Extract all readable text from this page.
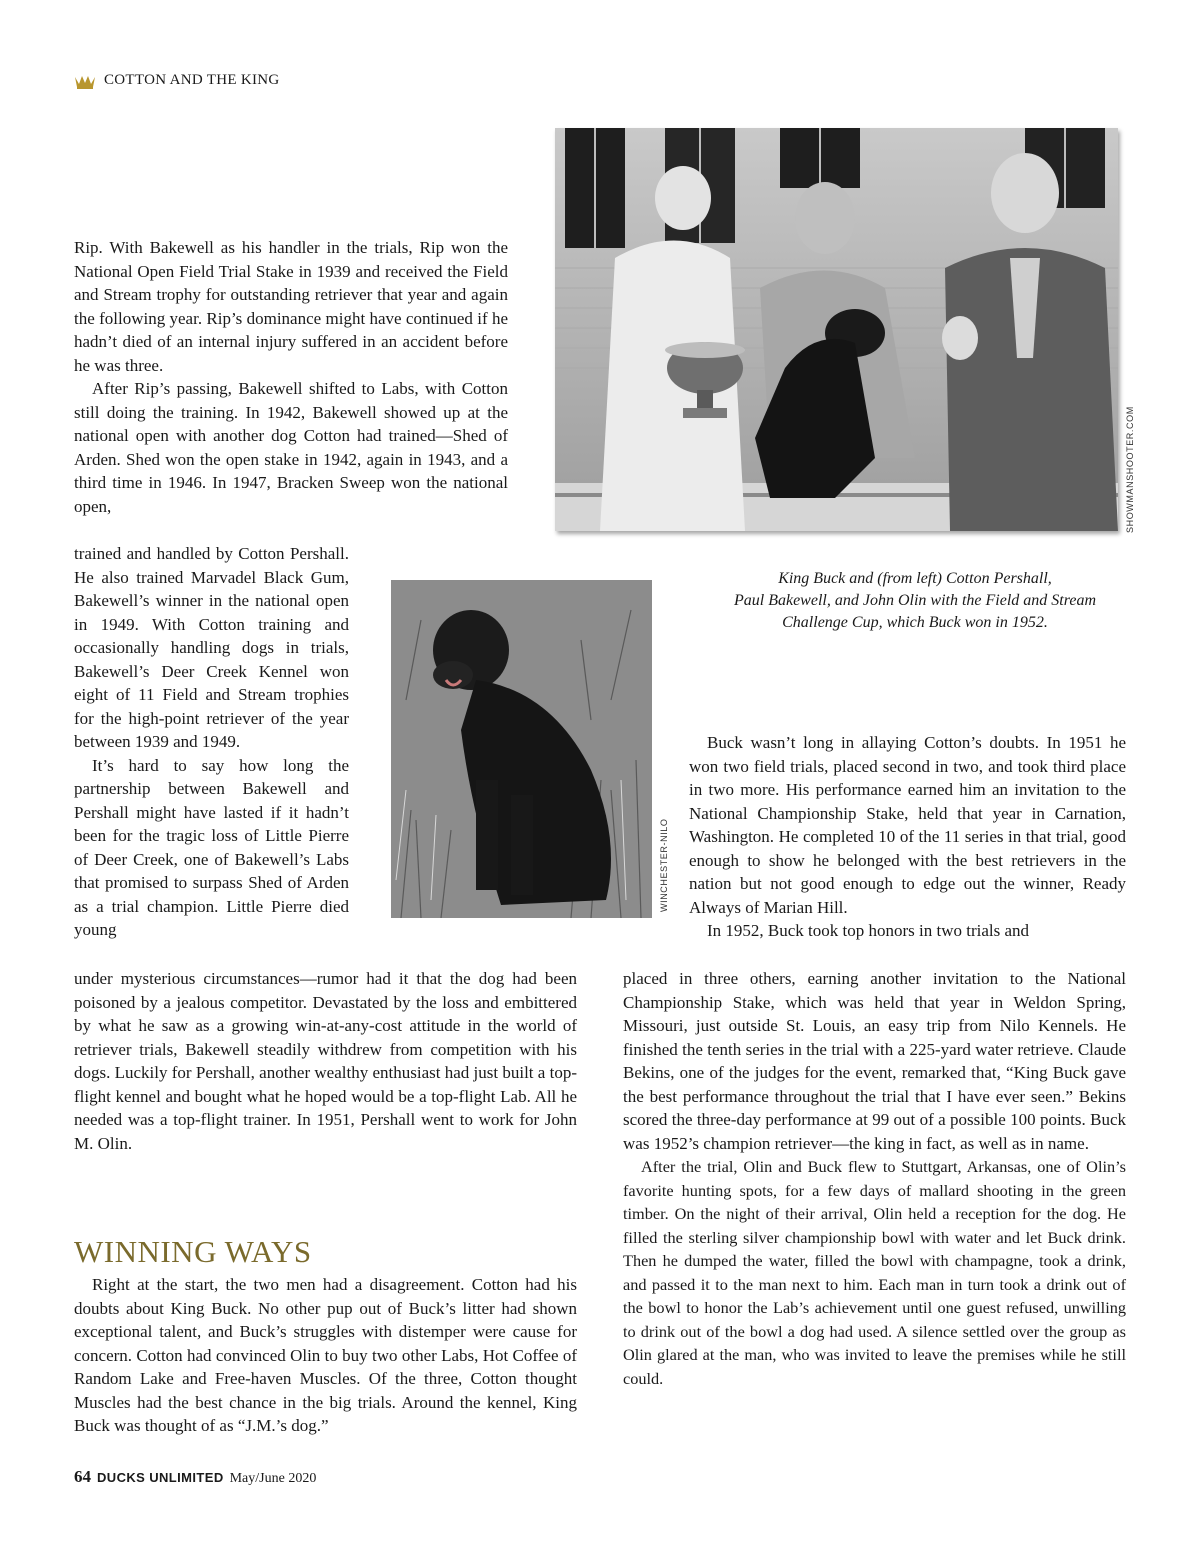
COTTON AND THE KING
SHOWMANSHOOTER.COM
King Buck and (from left) Cotton Pershall,
Paul Bakewell, and John Olin with the Field and Stream
Challenge Cup, which Buck won in 1952.
WINCHESTER-NILO

Rip. With Bakewell as his handler in the trials, Rip won the National Open Field Trial Stake in 1939 and received the Field and Stream trophy for outstanding retriever that year and again the following year. Rip’s dominance might have continued if he hadn’t died of an internal injury suffered in an accident before he was three.

After Rip’s passing, Bakewell shifted to Labs, with Cotton still doing the training. In 1942, Bakewell showed up at the national open with another dog Cotton had trained—Shed of Arden. Shed won the open stake in 1942, again in 1943, and a third time in 1946. In 1947, Bracken Sweep won the national open,

trained and handled by Cotton Pershall. He also trained Marvadel Black Gum, Bakewell’s winner in the national open in 1949. With Cotton training and occasionally handling dogs in trials, Bakewell’s Deer Creek Kennel won eight of 11 Field and Stream trophies for the high-point retriever of the year between 1939 and 1949.

It’s hard to say how long the partnership between Bakewell and Pershall might have lasted if it hadn’t been for the tragic loss of Little Pierre of Deer Creek, one of Bakewell’s Labs that promised to surpass Shed of Arden as a trial champion. Little Pierre died young

under mysterious circumstances—rumor had it that the dog had been poisoned by a jealous competitor. Devastated by the loss and embittered by what he saw as a growing win-at-any-cost attitude in the world of retriever trials, Bakewell steadily withdrew from competition with his dogs. Luckily for Pershall, another wealthy enthusiast had just built a top-flight kennel and bought what he hoped would be a top-flight Lab. All he needed was a top-flight trainer. In 1951, Pershall went to work for John M. Olin.

WINNING WAYS

Right at the start, the two men had a disagreement. Cotton had his doubts about King Buck. No other pup out of Buck’s litter had shown exceptional talent, and Buck’s struggles with distemper were cause for concern. Cotton had convinced Olin to buy two other Labs, Hot Coffee of Random Lake and Free-haven Muscles. Of the three, Cotton thought Muscles had the best chance in the big trials. Around the kennel, King Buck was thought of as “J.M.’s dog.”

Buck wasn’t long in allaying Cotton’s doubts. In 1951 he won two field trials, placed second in two, and took third place in two more. His performance earned him an invitation to the National Championship Stake, held that year in Carnation, Washington. He completed 10 of the 11 series in that trial, good enough to show he belonged with the best retrievers in the nation but not good enough to edge out the winner, Ready Always of Marian Hill.

In 1952, Buck took top honors in two trials and

placed in three others, earning another invitation to the National Championship Stake, which was held that year in Weldon Spring, Missouri, just outside St. Louis, an easy trip from Nilo Kennels. He finished the tenth series in the trial with a 225-yard water retrieve. Claude Bekins, one of the judges for the event, remarked that, “King Buck gave the best performance throughout the trial that I have ever seen.” Bekins scored the three-day performance at 99 out of a possible 100 points. Buck was 1952’s champion retriever—the king in fact, as well as in name.

After the trial, Olin and Buck flew to Stuttgart, Arkansas, one of Olin’s favorite hunting spots, for a few days of mallard shooting in the green timber. On the night of their arrival, Olin held a reception for the dog. He filled the sterling silver championship bowl with water and let Buck drink. Then he dumped the water, filled the bowl with champagne, took a drink, and passed it to the man next to him. Each man in turn took a drink out of the bowl to honor the Lab’s achievement until one guest refused, unwilling to drink out of the bowl a dog had used. A silence settled over the group as Olin glared at the man, who was invited to leave the premises while he still could.

64 DUCKS UNLIMITED May/June 2020
